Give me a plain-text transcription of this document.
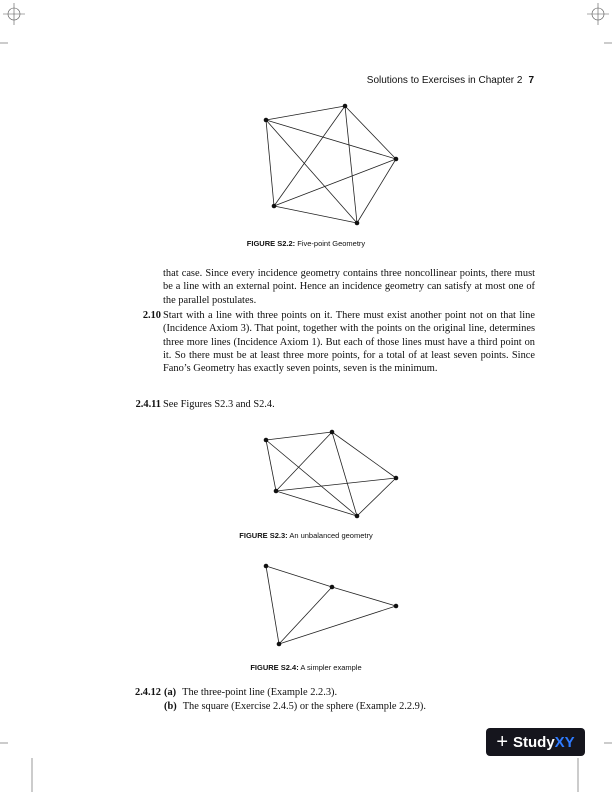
Solutions to Exercises in Chapter 2 7
FIGURE S2.2: Five-point Geometry
that case. Since every incidence geometry contains three noncollinear points, there must be a line with an external point. Hence an incidence geometry can satisfy at most one of the parallel postulates.
2.10 Start with a line with three points on it. There must exist another point not on that line (Incidence Axiom 3). That point, together with the points on the original line, determines three more lines (Incidence Axiom 1). But each of those lines must have a third point on it. So there must be at least three more points, for a total of at least seven points. Since Fano’s Geometry has exactly seven points, seven is the minimum.
2.4.11 See Figures S2.3 and S2.4.
FIGURE S2.3: An unbalanced geometry
FIGURE S2.4: A simpler example
2.4.12 (a) The three-point line (Example 2.2.3).
(b) The square (Exercise 2.4.5) or the sphere (Example 2.2.9).
+ Study XY
